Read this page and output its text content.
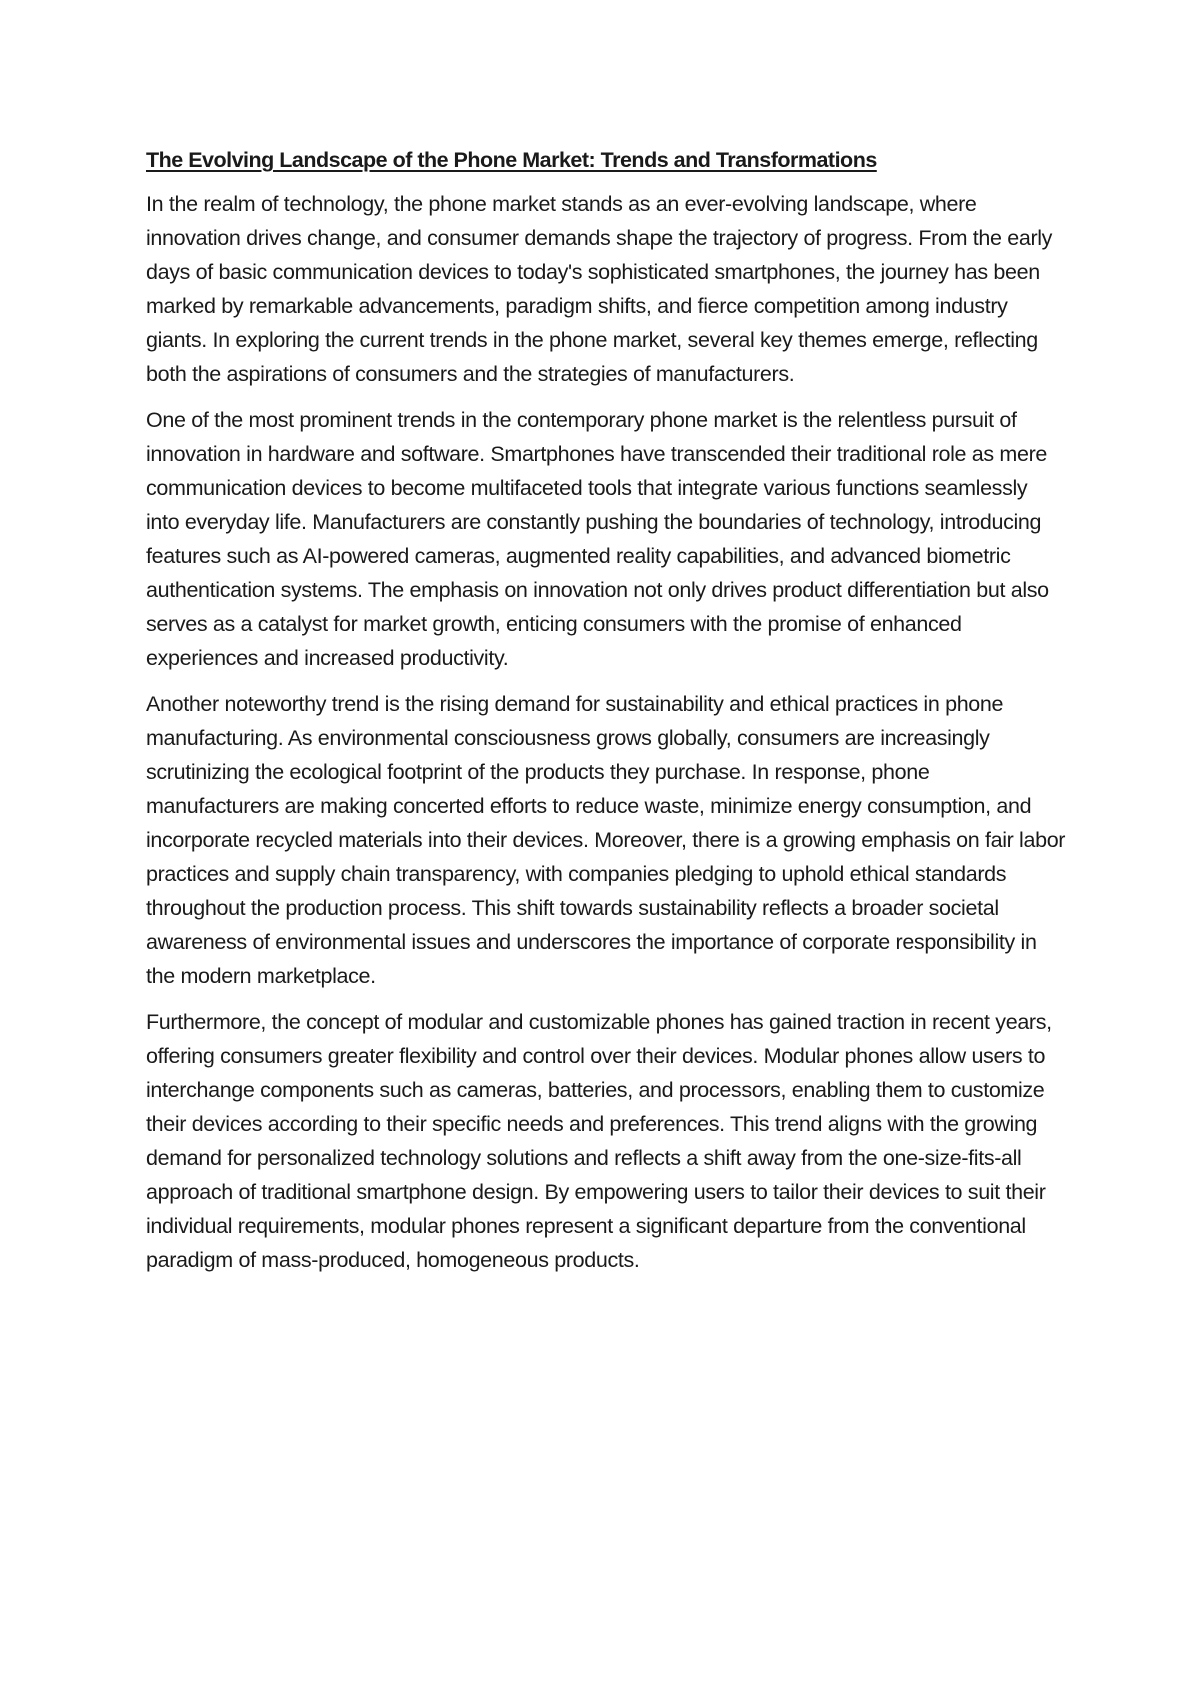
The Evolving Landscape of the Phone Market: Trends and Transformations

In the realm of technology, the phone market stands as an ever-evolving landscape, where innovation drives change, and consumer demands shape the trajectory of progress. From the early days of basic communication devices to today's sophisticated smartphones, the journey has been marked by remarkable advancements, paradigm shifts, and fierce competition among industry giants. In exploring the current trends in the phone market, several key themes emerge, reflecting both the aspirations of consumers and the strategies of manufacturers.

One of the most prominent trends in the contemporary phone market is the relentless pursuit of innovation in hardware and software. Smartphones have transcended their traditional role as mere communication devices to become multifaceted tools that integrate various functions seamlessly into everyday life. Manufacturers are constantly pushing the boundaries of technology, introducing features such as AI-powered cameras, augmented reality capabilities, and advanced biometric authentication systems. The emphasis on innovation not only drives product differentiation but also serves as a catalyst for market growth, enticing consumers with the promise of enhanced experiences and increased productivity.

Another noteworthy trend is the rising demand for sustainability and ethical practices in phone manufacturing. As environmental consciousness grows globally, consumers are increasingly scrutinizing the ecological footprint of the products they purchase. In response, phone manufacturers are making concerted efforts to reduce waste, minimize energy consumption, and incorporate recycled materials into their devices. Moreover, there is a growing emphasis on fair labor practices and supply chain transparency, with companies pledging to uphold ethical standards throughout the production process. This shift towards sustainability reflects a broader societal awareness of environmental issues and underscores the importance of corporate responsibility in the modern marketplace.

Furthermore, the concept of modular and customizable phones has gained traction in recent years, offering consumers greater flexibility and control over their devices. Modular phones allow users to interchange components such as cameras, batteries, and processors, enabling them to customize their devices according to their specific needs and preferences. This trend aligns with the growing demand for personalized technology solutions and reflects a shift away from the one-size-fits-all approach of traditional smartphone design. By empowering users to tailor their devices to suit their individual requirements, modular phones represent a significant departure from the conventional paradigm of mass-produced, homogeneous products.
